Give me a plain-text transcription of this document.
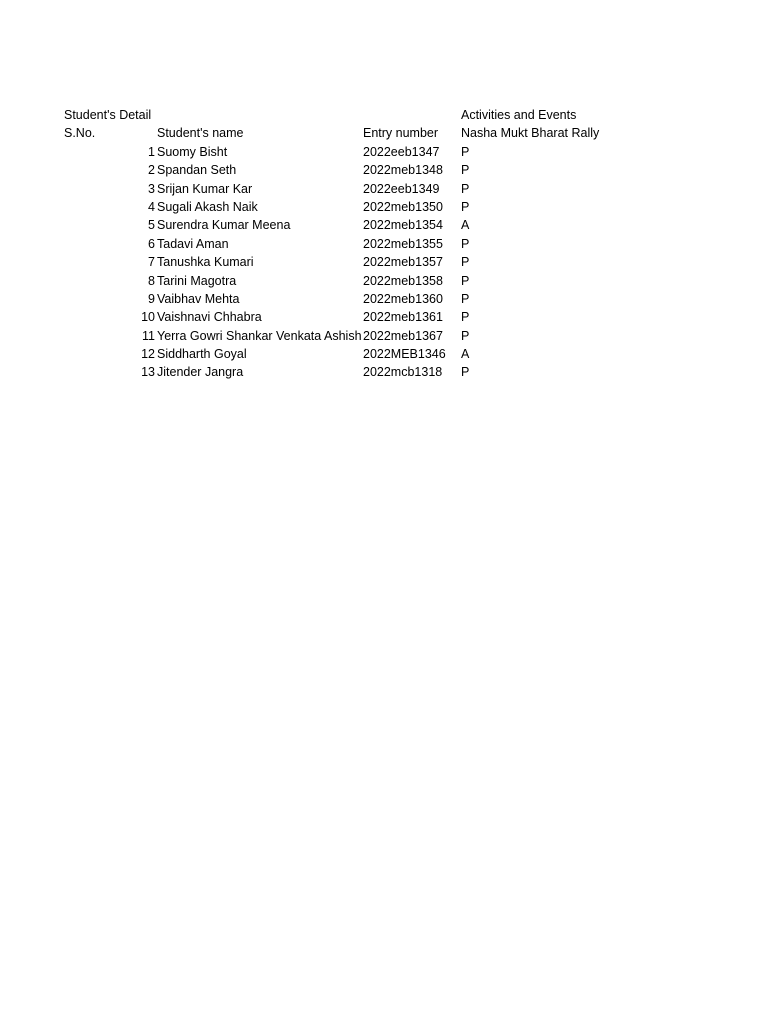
Student's Detail	Activities and Events
S.No.	Student's name	Entry number	Nasha Mukt Bharat Rally
1 Suomy Bisht	2022eeb1347	P
2 Spandan Seth	2022meb1348	P
3 Srijan Kumar Kar	2022eeb1349	P
4 Sugali Akash Naik	2022meb1350	P
5 Surendra Kumar Meena	2022meb1354	A
6 Tadavi Aman	2022meb1355	P
7 Tanushka Kumari	2022meb1357	P
8 Tarini Magotra	2022meb1358	P
9 Vaibhav Mehta	2022meb1360	P
10 Vaishnavi Chhabra	2022meb1361	P
11 Yerra Gowri Shankar Venkata Ashish 2022meb1367	P
12 Siddharth Goyal	2022MEB1346	A
13 Jitender Jangra	2022mcb1318	P
